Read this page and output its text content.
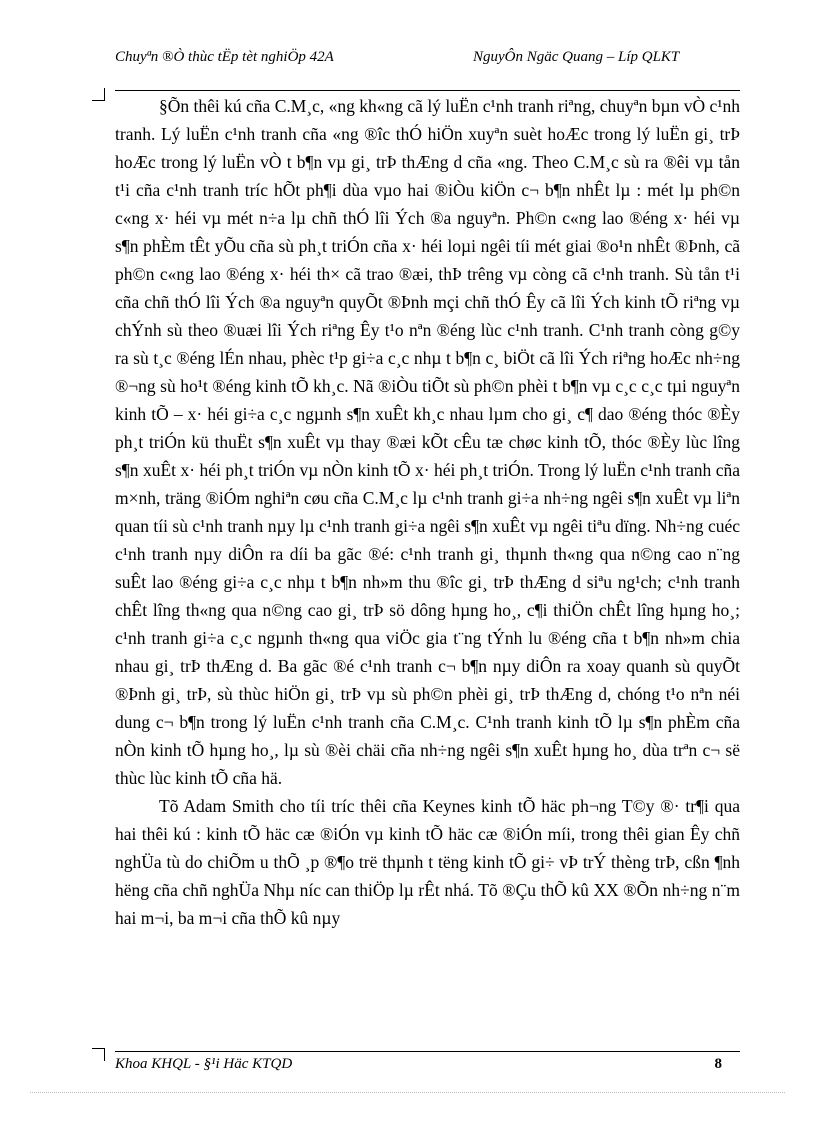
Chuyªn ®Ò thùc tËp tèt nghiÖp 42A	NguyÔn Ngäc Quang – Líp QLKT

§Õn thêi kú cña C.M¸c, «ng kh«ng cã lý luËn c¹nh tranh riªng, chuyªn bµn vÒ c¹nh tranh. Lý luËn c¹nh tranh cña «ng ®îc thÓ hiÖn xuyªn suèt hoÆc trong lý luËn gi¸ trÞ hoÆc trong lý luËn vÒ t b¶n vµ gi¸ trÞ thÆng d cña «ng. Theo C.M¸c sù ra ®êi vµ tån t¹i cña c¹nh tranh tríc hÕt ph¶i dùa vµo hai ®iÒu kiÖn c¬ b¶n nhÊt lµ : mét lµ ph©n c«ng x· héi vµ mét n÷a lµ chñ thÓ lîi Ých ®a nguyªn. Ph©n c«ng lao ®éng x· héi vµ s¶n phÈm tÊt yÕu cña sù ph¸t triÓn cña x· héi loµi ngêi tíi mét giai ®o¹n nhÊt ®Þnh, cã ph©n c«ng lao ®éng x· héi th× cã trao ®æi, thÞ trêng vµ còng cã c¹nh tranh. Sù tån t¹i cña chñ thÓ lîi Ých ®a nguyªn quyÕt ®Þnh mçi chñ thÓ Êy cã lîi Ých kinh tÕ riªng vµ chÝnh sù theo ®uæi lîi Ých riªng Êy t¹o nªn ®éng lùc c¹nh tranh. C¹nh tranh còng g©y ra sù t¸c ®éng lÉn nhau, phèc t¹p gi÷a c¸c nhµ t b¶n c¸ biÖt cã lîi Ých riªng hoÆc nh÷ng ®¬ng sù ho¹t ®éng kinh tÕ kh¸c. Nã ®iÒu tiÕt sù ph©n phèi t b¶n vµ c¸c c¸c tµi nguyªn kinh tÕ – x· héi gi÷a c¸c ngµnh s¶n xuÊt kh¸c nhau lµm cho gi¸ c¶ dao ®éng thóc ®Èy ph¸t triÓn kü thuËt s¶n xuÊt vµ thay ®æi kÕt cÊu tæ chøc kinh tÕ, thóc ®Èy lùc lîng s¶n xuÊt x· héi ph¸t triÓn vµ nÒn kinh tÕ x· héi ph¸t triÓn. Trong lý luËn c¹nh tranh cña m×nh, träng ®iÓm nghiªn cøu cña C.M¸c lµ c¹nh tranh gi÷a nh÷ng ngêi s¶n xuÊt vµ liªn quan tíi sù c¹nh tranh nµy lµ c¹nh tranh gi÷a ngêi s¶n xuÊt vµ ngêi tiªu dïng. Nh÷ng cuéc c¹nh tranh nµy diÔn ra díi ba gãc ®é: c¹nh tranh gi¸ thµnh th«ng qua n©ng cao n¨ng suÊt lao ®éng gi÷a c¸c nhµ t b¶n nh»m thu ®îc gi¸ trÞ thÆng d siªu ng¹ch; c¹nh tranh chÊt lîng th«ng qua n©ng cao gi¸ trÞ sö dông hµng ho¸, c¶i thiÖn chÊt lîng hµng ho¸; c¹nh tranh gi÷a c¸c ngµnh th«ng qua viÖc gia t¨ng tÝnh lu ®éng cña t b¶n nh»m chia nhau gi¸ trÞ thÆng d. Ba gãc ®é c¹nh tranh c¬ b¶n nµy diÔn ra xoay quanh sù quyÕt ®Þnh gi¸ trÞ, sù thùc hiÖn gi¸ trÞ vµ sù ph©n phèi gi¸ trÞ thÆng d, chóng t¹o nªn néi dung c¬ b¶n trong lý luËn c¹nh tranh cña C.M¸c. C¹nh tranh kinh tÕ lµ s¶n phÈm cña nÒn kinh tÕ hµng ho¸, lµ sù ®èi chäi cña nh÷ng ngêi s¶n xuÊt hµng ho¸ dùa trªn c¬ së thùc lùc kinh tÕ cña hä.

Tõ Adam Smith cho tíi tríc thêi cña Keynes kinh tÕ häc ph¬ng T©y ®· tr¶i qua hai thêi kú : kinh tÕ häc cæ ®iÓn vµ kinh tÕ häc cæ ®iÓn míi, trong thêi gian Êy chñ nghÜa tù do chiÕm u thÕ ¸p ®¶o trë thµnh t tëng kinh tÕ gi÷ vÞ trÝ thèng trÞ, cßn ¶nh hëng cña chñ nghÜa Nhµ níc can thiÖp lµ rÊt nhá. Tõ ®Çu thÕ kû XX ®Õn nh÷ng n¨m hai m¬i, ba m¬i cña thÕ kû nµy

Khoa KHQL - §¹i Häc KTQD	8
